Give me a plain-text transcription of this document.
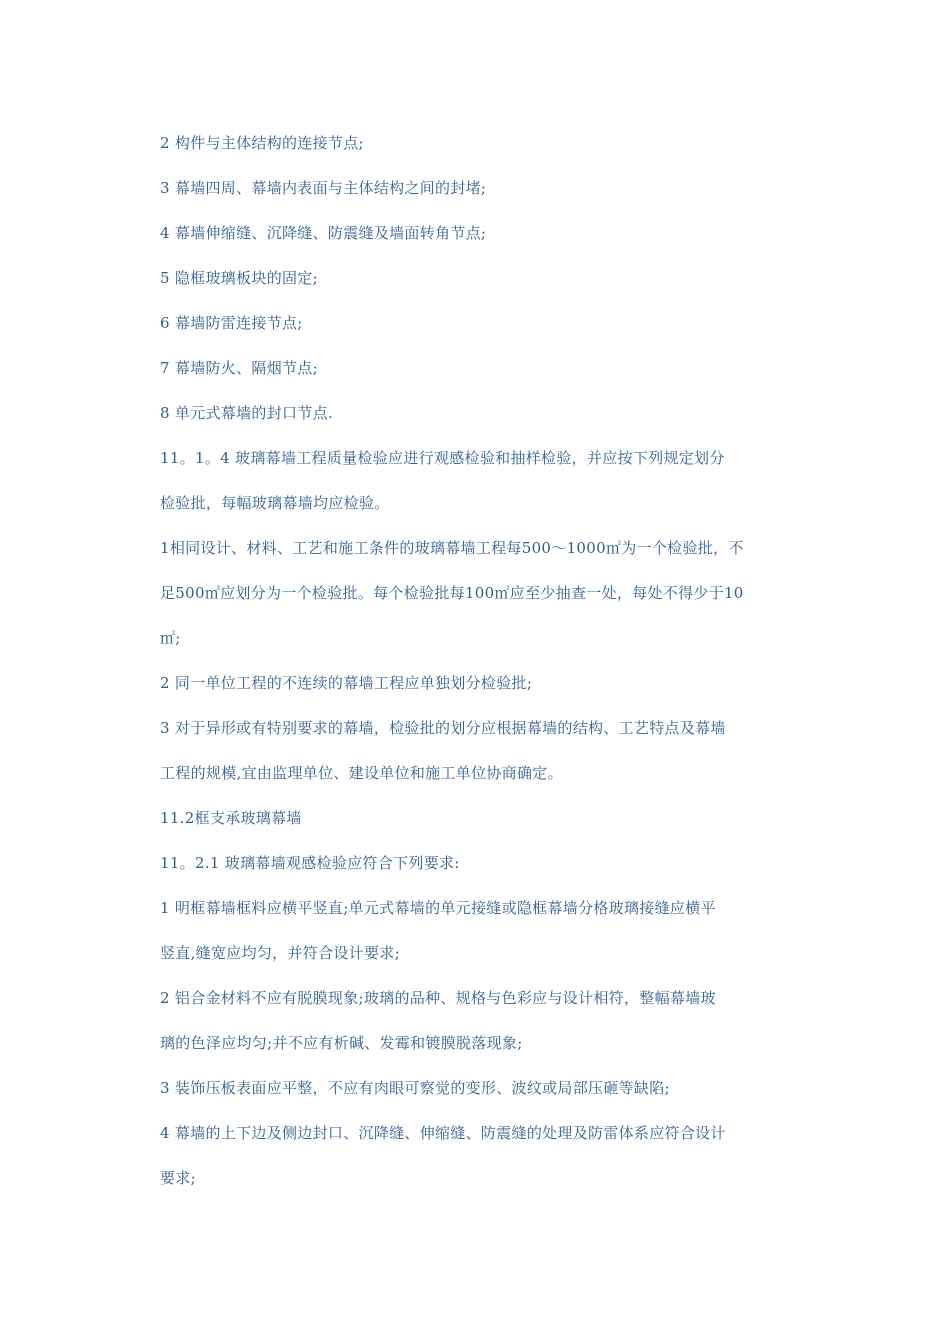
2 构件与主体结构的连接节点;
3 幕墙四周、幕墙内表面与主体结构之间的封堵;
4 幕墙伸缩缝、沉降缝、防震缝及墙面转角节点;
5 隐框玻璃板块的固定;
6 幕墙防雷连接节点;
7 幕墙防火、隔烟节点;
8 单元式幕墙的封口节点.
11。1。4 玻璃幕墙工程质量检验应进行观感检验和抽样检验，并应按下列规定划分
检验批，每幅玻璃幕墙均应检验。
1相同设计、材料、工艺和施工条件的玻璃幕墙工程每500～1000㎡为一个检验批，不
足500㎡应划分为一个检验批。每个检验批每100㎡应至少抽查一处，每处不得少于10
㎡;
2 同一单位工程的不连续的幕墙工程应单独划分检验批;
3 对于异形或有特别要求的幕墙，检验批的划分应根据幕墙的结构、工艺特点及幕墙
工程的规模,宜由监理单位、建设单位和施工单位协商确定。
11.2框支承玻璃幕墙
11。2.1 玻璃幕墙观感检验应符合下列要求:
1 明框幕墙框料应横平竖直;单元式幕墙的单元接缝或隐框幕墙分格玻璃接缝应横平
竖直,缝宽应均匀，并符合设计要求;
2 铝合金材料不应有脱膜现象;玻璃的品种、规格与色彩应与设计相符，整幅幕墙玻
璃的色泽应均匀;并不应有析碱、发霉和镀膜脱落现象;
3 装饰压板表面应平整，不应有肉眼可察觉的变形、波纹或局部压砸等缺陷;
4 幕墙的上下边及侧边封口、沉降缝、伸缩缝、防震缝的处理及防雷体系应符合设计
要求;
